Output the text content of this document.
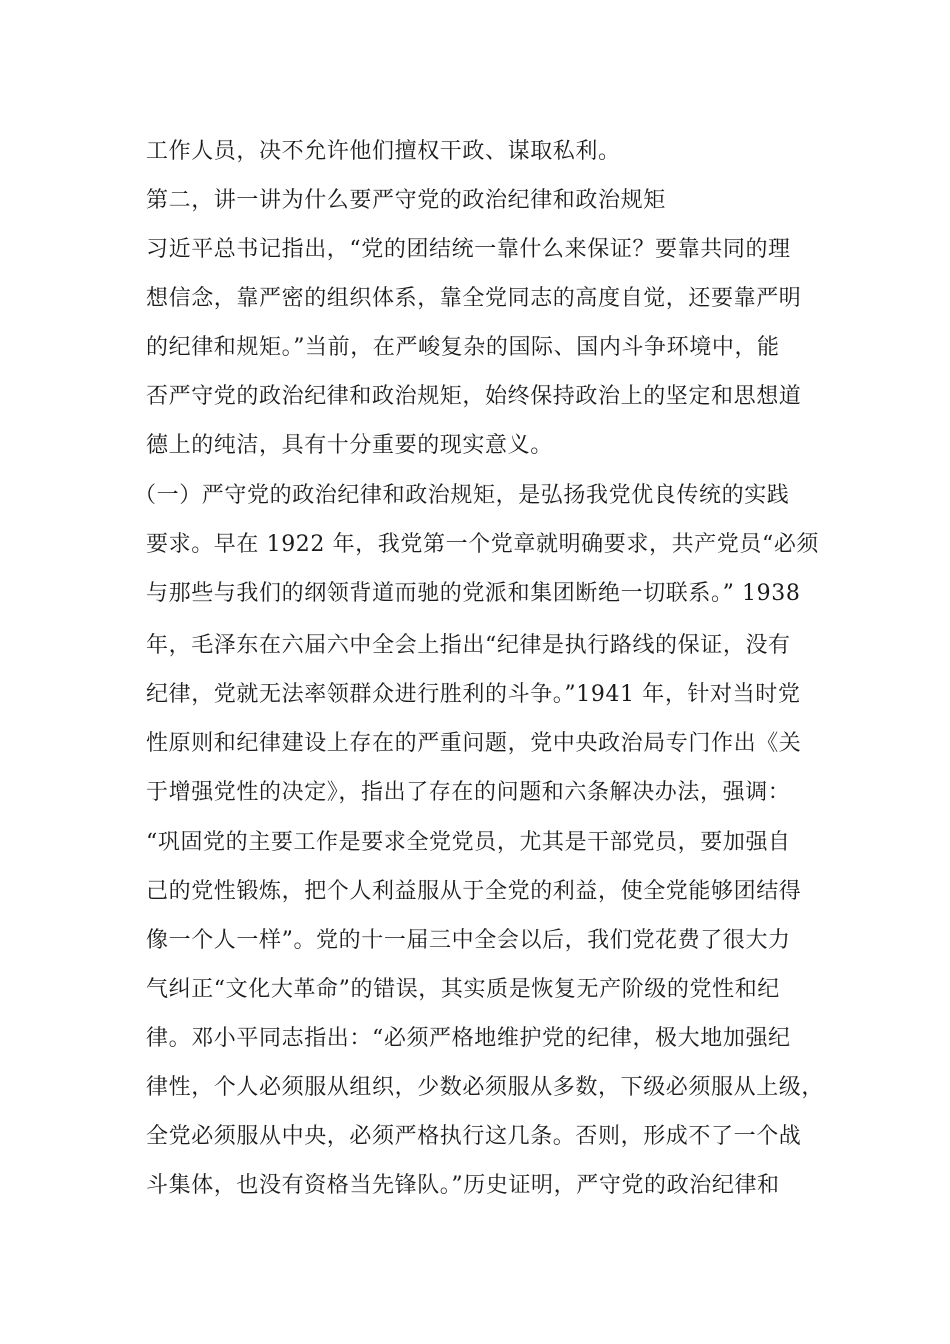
工作人员，决不允许他们擅权干政、谋取私利。
第二，讲一讲为什么要严守党的政治纪律和政治规矩
习近平总书记指出，“党的团结统一靠什么来保证？要靠共同的理
想信念，靠严密的组织体系，靠全党同志的高度自觉，还要靠严明
的纪律和规矩。”当前，在严峻复杂的国际、国内斗争环境中，能
否严守党的政治纪律和政治规矩，始终保持政治上的坚定和思想道
德上的纯洁，具有十分重要的现实意义。
（一）严守党的政治纪律和政治规矩，是弘扬我党优良传统的实践
要求。早在 1922 年，我党第一个党章就明确要求，共产党员“必须
与那些与我们的纲领背道而驰的党派和集团断绝一切联系。” 1938
年，毛泽东在六届六中全会上指出“纪律是执行路线的保证，没有
纪律，党就无法率领群众进行胜利的斗争。”1941 年，针对当时党
性原则和纪律建设上存在的严重问题，党中央政治局专门作出《关
于增强党性的决定》，指出了存在的问题和六条解决办法，强调：
“巩固党的主要工作是要求全党党员，尤其是干部党员，要加强自
己的党性锻炼，把个人利益服从于全党的利益，使全党能够团结得
像一个人一样”。党的十一届三中全会以后，我们党花费了很大力
气纠正“文化大革命”的错误，其实质是恢复无产阶级的党性和纪
律。邓小平同志指出：“必须严格地维护党的纪律，极大地加强纪
律性，个人必须服从组织，少数必须服从多数，下级必须服从上级，
全党必须服从中央，必须严格执行这几条。否则，形成不了一个战
斗集体，也没有资格当先锋队。”历史证明，严守党的政治纪律和
